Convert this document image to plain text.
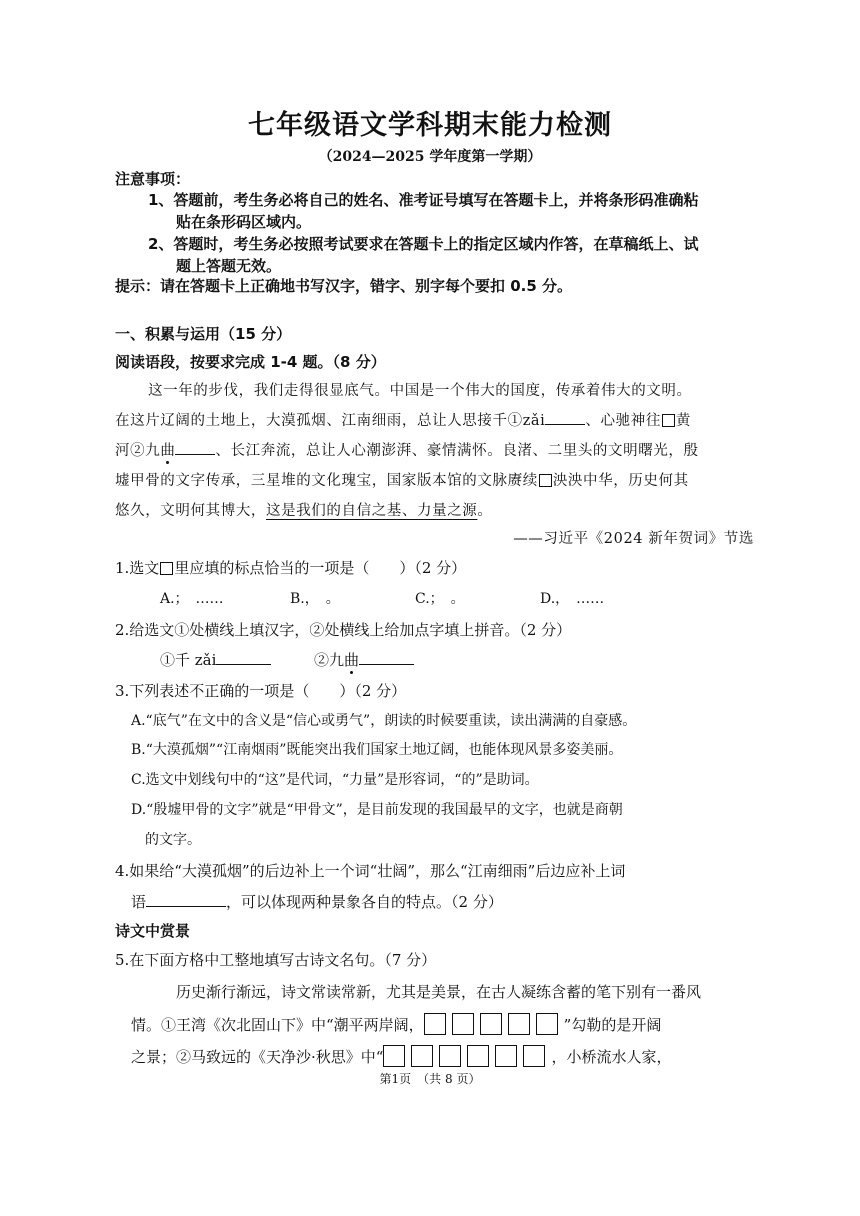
七年级语文学科期末能力检测
（2024—2025 学年度第一学期）
注意事项：
1、答题前，考生务必将自己的姓名、准考证号填写在答题卡上，并将条形码准确粘
贴在条形码区域内。
2、答题时，考生务必按照考试要求在答题卡上的指定区域内作答，在草稿纸上、试
题上答题无效。
提示：请在答题卡上正确地书写汉字，错字、别字每个要扣 0.5 分。
一、积累与运用（15 分）
阅读语段，按要求完成 1-4 题。（8 分）
这一年的步伐，我们走得很显底气。中国是一个伟大的国度，传承着伟大的文明。
在这片辽阔的土地上，大漠孤烟、江南细雨，总让人思接千①zǎi	、心驰神往 黄
河②九曲	、长江奔流，总让人心潮澎湃、豪情满怀。良渚、二里头的文明曙光，殷
墟甲骨的文字传承，三星堆的文化瑰宝，国家版本馆的文脉赓续 泱泱中华，历史何其
悠久，文明何其博大，这是我们的自信之基、力量之源。
——习近平《2024 新年贺词》节选
1.选文 里应填的标点恰当的一项是（　　）（2 分）
A.；　……	B.，　。	C.；　。	D.，　……
2.给选文①处横线上填汉字，②处横线上给加点字填上拼音。（2 分）
①千 zǎi	②九曲
3.下列表述不正确的一项是（　　）（2 分）
A.“底气”在文中的含义是“信心或勇气”，朗读的时候要重读，读出满满的自豪感。
B.“大漠孤烟”“江南烟雨”既能突出我们国家土地辽阔，也能体现风景多姿美丽。
C.选文中划线句中的“这”是代词，“力量”是形容词，“的”是助词。
D.“殷墟甲骨的文字”就是“甲骨文”，是目前发现的我国最早的文字，也就是商朝
的文字。
4.如果给“大漠孤烟”的后边补上一个词“壮阔”，那么“江南细雨”后边应补上词
语	，可以体现两种景象各自的特点。（2 分）
诗文中赏景
5.在下面方格中工整地填写古诗文名句。（7 分）
历史渐行渐远，诗文常读常新，尤其是美景，在古人凝练含蓄的笔下别有一番风
情。①王湾《次北固山下》中“潮平两岸阔，	”勾勒的是开阔
之景；②马致远的《天净沙·秋思》中“	，小桥流水人家，
第1页　（共 8 页）
